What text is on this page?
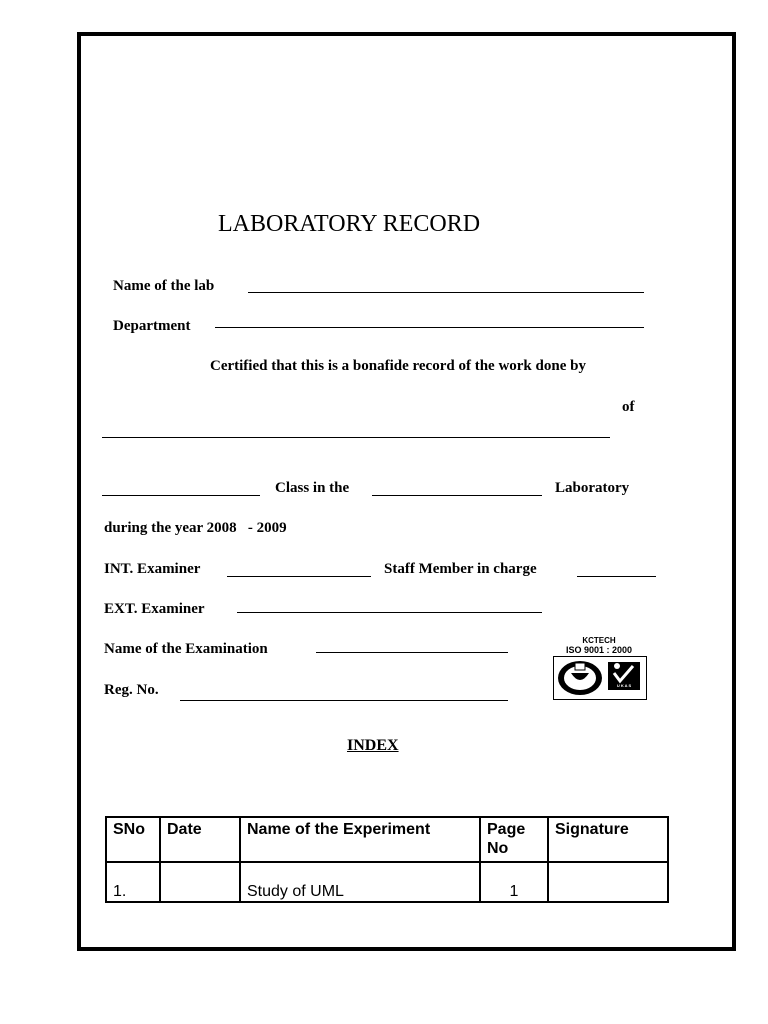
LABORATORY RECORD
Name of the lab
Department
Certified that this is a bonafide record of the work done by
of
Class in the	Laboratory
during the year 2008   - 2009
INT. Examiner	Staff Member in charge
EXT. Examiner
Name of the Examination
Reg. No.
KCTECH
ISO 9001 : 2000
U K A S
INDEX
SNo	Date	Name of the Experiment	Page No	Signature
1.		Study of UML	1	
